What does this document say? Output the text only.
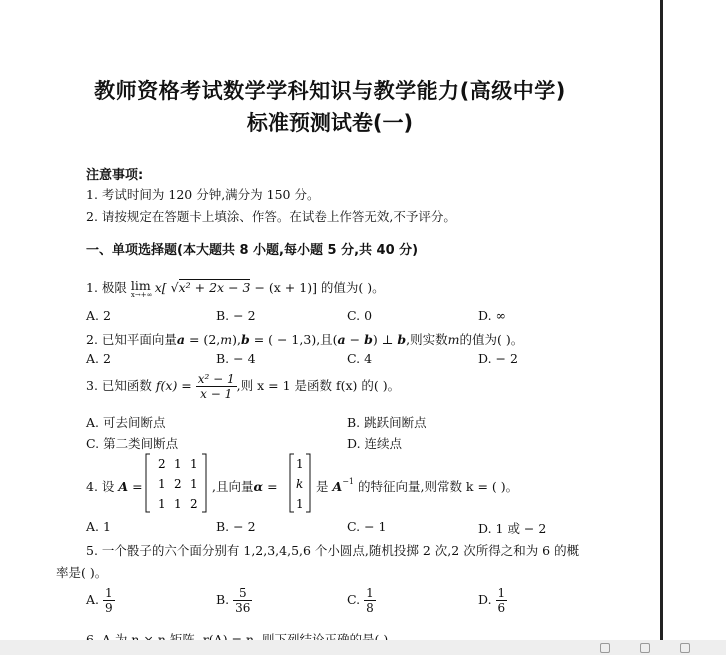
教师资格考试数学学科知识与教学能力(高级中学)
标准预测试卷(一)
注意事项:
1. 考试时间为 120 分钟,满分为 150 分。
2. 请按规定在答题卡上填涂、作答。在试卷上作答无效,不予评分。
一、单项选择题(本大题共 8 小题,每小题 5 分,共 40 分)
1. 极限 lim
x→+∞ x[ √x² + 2x − 3 − (x + 1)] 的值为( )。
A. 2	B. − 2	C. 0	D. ∞
2. 已知平面向量a = (2,m),b = ( − 1,3),且(a − b) ⊥ b,则实数m的值为( )。
A. 2	B. − 4	C. 4	D. − 2
3. 已知函数 $f(x) = \frac{\text{x² − 1}}{x - 1}$ ,则 x = 1 是函数 f(x) 的( )。
A. 可去间断点	B. 跳跃间断点
C. 第二类间断点	D. 连续点
4. 设 A =
2 1 1
1 2 1
1 1 2
,且向量α =
1
k
1
是 $A^{-1}$ 的特征向量,则常数 k = ( )。
A. 1	B. − 2	C. − 1	D. 1 或 − 2
5. 一个骰子的六个面分别有 1,2,3,4,5,6 个小圆点,随机投掷 2 次,2 次所得之和为 6 的概
率是( )。
A. $\frac{1}{9}$	B. $\frac{5}{36}$	C. $\frac{1}{8}$	D. $\frac{1}{6}$
